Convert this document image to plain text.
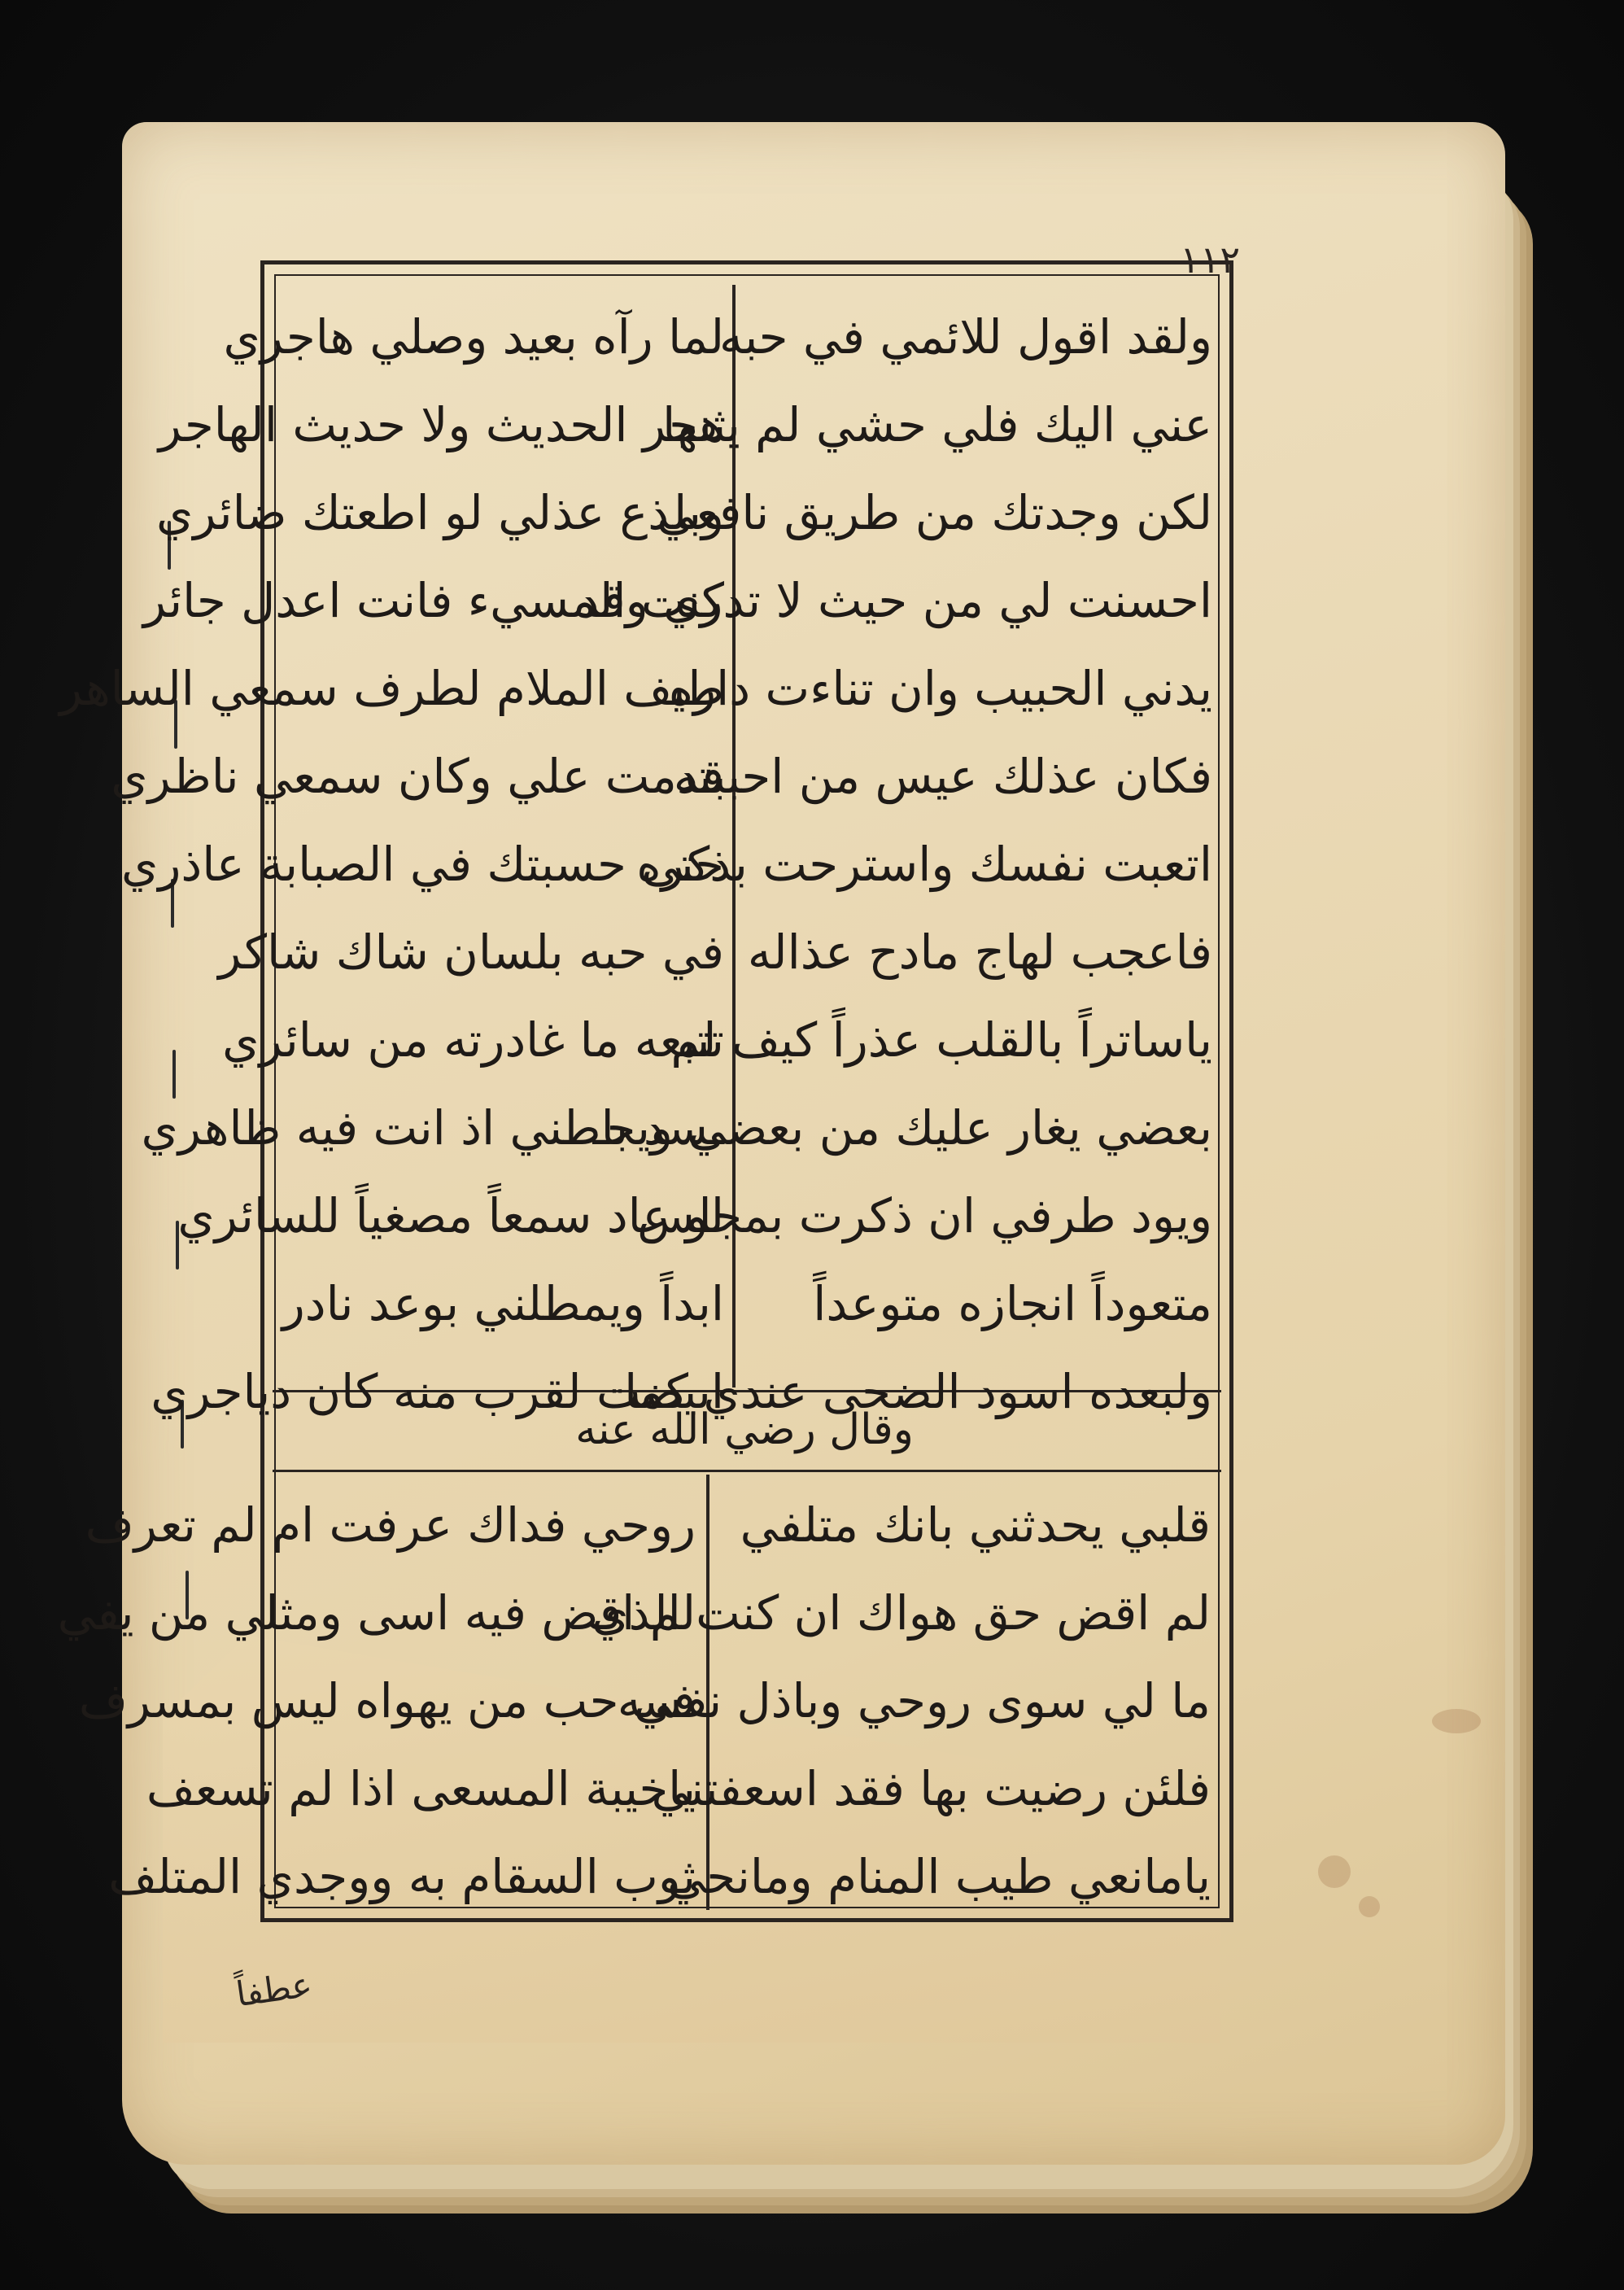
١١٢
وقال رضي الله عنه
ولقد اقول للائمي في حبه
عني اليك فلي حشي لم يثنها
لكن وجدتك من طريق نافعي
احسنت لي من حيث لا تدري وقد
يدني الحبيب وان تناءت داره
فكان عذلك عيس من احببته
اتعبت نفسك واسترحت بذكره
فاعجب لهاج مادح عذاله
ياساتراً بالقلب عذراً كيف لم
بعضي يغار عليك من بعضي ويحـ
ويود طرفي ان ذكرت بمجلس
متعوداً انجازه متوعداً
ولبعده اسود الضحى عندي كما
لما رآه بعيد وصلي هاجري
هجر الحديث ولا حديث الهاجر
وبلذع عذلي لو اطعتك ضائري
كنت المسيء فانت اعدل جائر
طيف الملام لطرف سمعي الساهر
قدمت علي وكان سمعي ناظري
حتى حسبتك في الصبابة عاذري
في حبه بلسان شاك شاكر
تتبعه ما غادرته من سائري
ـسد باطني اذ انت فيه ظاهري
لو عاد سمعاً مصغياً للسائري
ابداً ويمطلني بوعد نادر
ابيضت لقرب منه كان دياجري
قلبي يحدثني بانك متلفي
لم اقض حق هواك ان كنت الذي
ما لي سوى روحي وباذل نفسه
فلئن رضيت بها فقد اسعفتني
يامانعي طيب المنام ومانحي
روحي فداك عرفت ام لم تعرف
لم اقض فيه اسى ومثلي من يفي
في حب من يهواه ليس بمسرف
ياخيبة المسعى اذا لم تسعف
ثوب السقام به ووجدي المتلف
عطفاً
